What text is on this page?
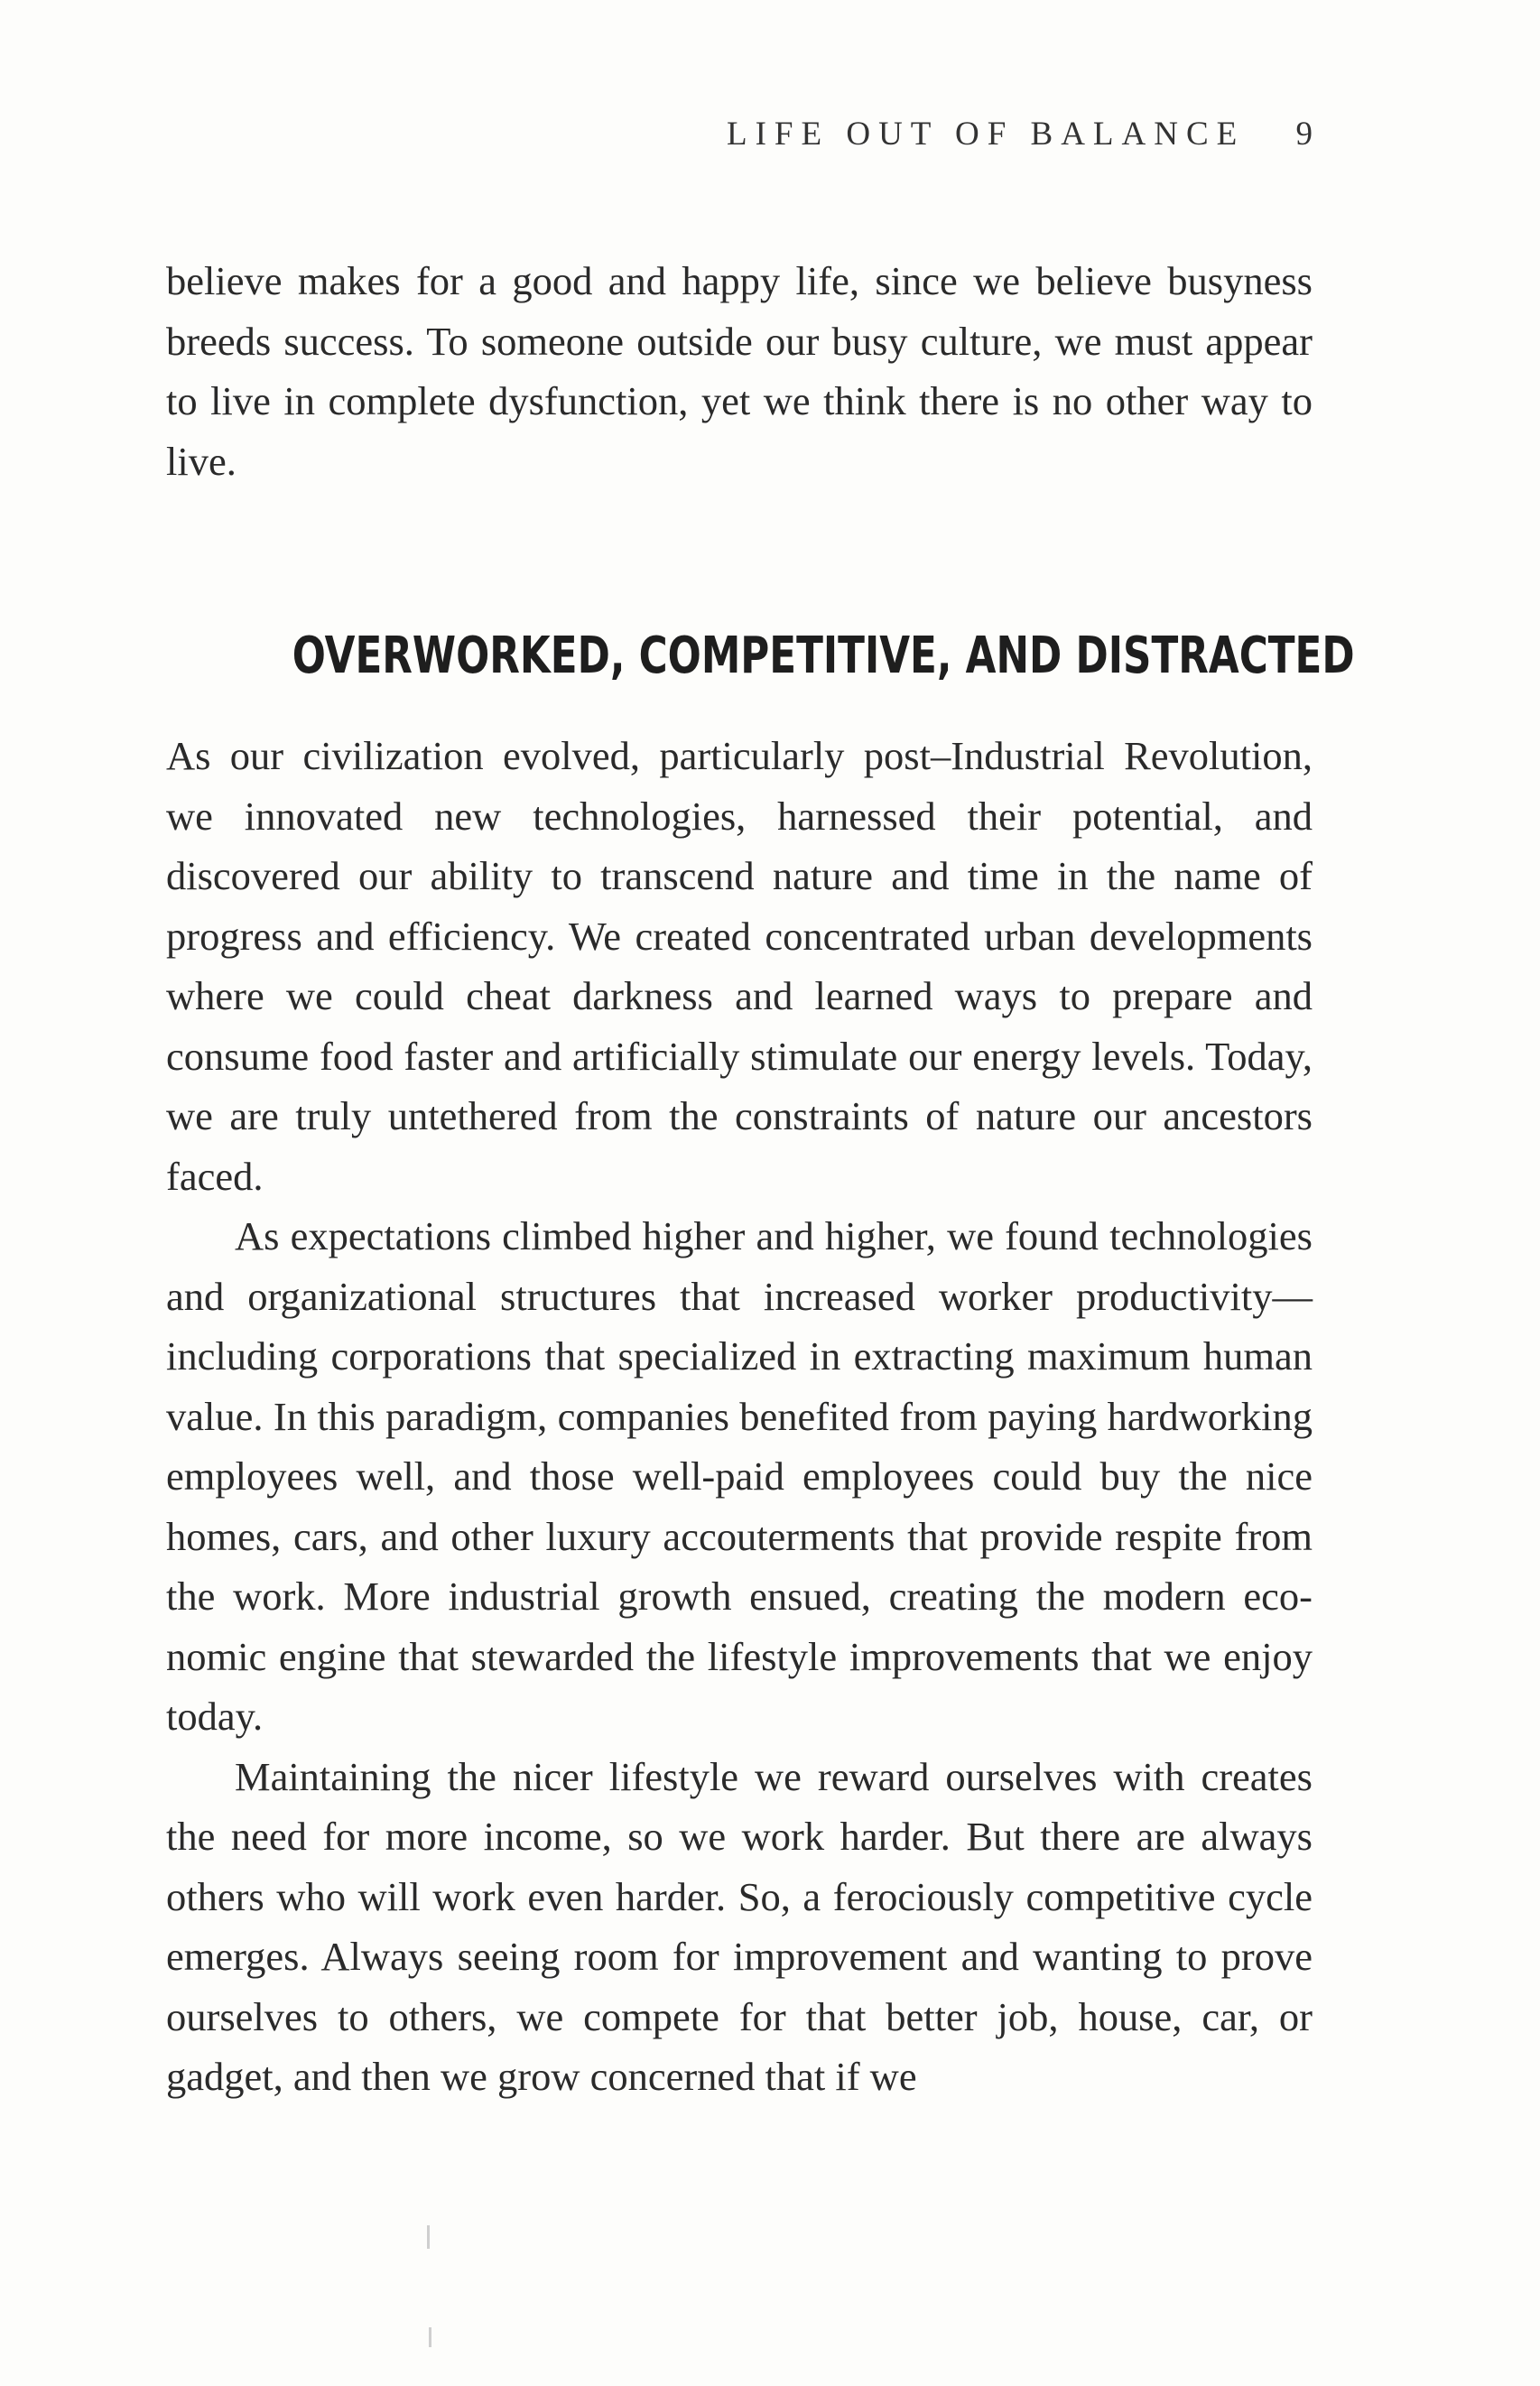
LIFE OUT OF BALANCE 9

believe makes for a good and happy life, since we believe busyness breeds success. To someone outside our busy culture, we must appear to live in complete dysfunction, yet we think there is no other way to live.

OVERWORKED, COMPETITIVE, AND DISTRACTED

As our civilization evolved, particularly post–Industrial Revolution, we innovated new technologies, harnessed their potential, and discovered our ability to transcend nature and time in the name of progress and efficiency. We created concentrated urban developments where we could cheat darkness and learned ways to prepare and consume food faster and artificially stimulate our energy levels. Today, we are truly untethered from the constraints of nature our ancestors faced.

As expectations climbed higher and higher, we found technologies and organizational structures that increased worker productivity—including corporations that specialized in extracting maximum human value. In this paradigm, companies benefited from paying hardworking employees well, and those well-paid employees could buy the nice homes, cars, and other luxury accouterments that provide respite from the work. More industrial growth ensued, creating the modern economic engine that stewarded the lifestyle improvements that we enjoy today.

Maintaining the nicer lifestyle we reward ourselves with creates the need for more income, so we work harder. But there are always others who will work even harder. So, a ferociously competitive cycle emerges. Always seeing room for improvement and wanting to prove ourselves to others, we compete for that better job, house, car, or gadget, and then we grow concerned that if we
